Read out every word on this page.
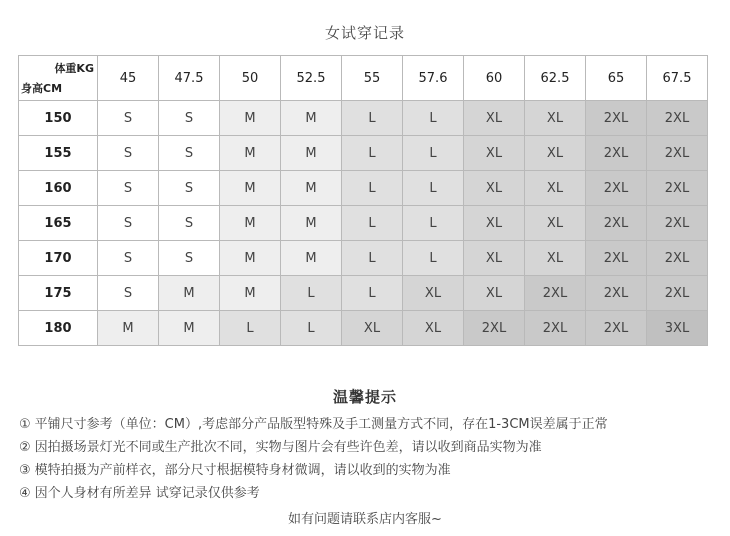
女试穿记录
体重KG
身高CM	45	47.5	50	52.5	55	57.6	60	62.5	65	67.5
150	S	S	M	M	L	L	XL	XL	2XL	2XL
155	S	S	M	M	L	L	XL	XL	2XL	2XL
160	S	S	M	M	L	L	XL	XL	2XL	2XL
165	S	S	M	M	L	L	XL	XL	2XL	2XL
170	S	S	M	M	L	L	XL	XL	2XL	2XL
175	S	M	M	L	L	XL	XL	2XL	2XL	2XL
180	M	M	L	L	XL	XL	2XL	2XL	2XL	3XL
温馨提示
① 平铺尺寸参考（单位：CM）,考虑部分产品版型特殊及手工测量方式不同，存在1-3CM误差属于正常
② 因拍摄场景灯光不同或生产批次不同，实物与图片会有些许色差，请以收到商品实物为准
③ 模特拍摄为产前样衣，部分尺寸根据模特身材微调，请以收到的实物为准
④ 因个人身材有所差异 试穿记录仅供参考
如有问题请联系店内客服~
